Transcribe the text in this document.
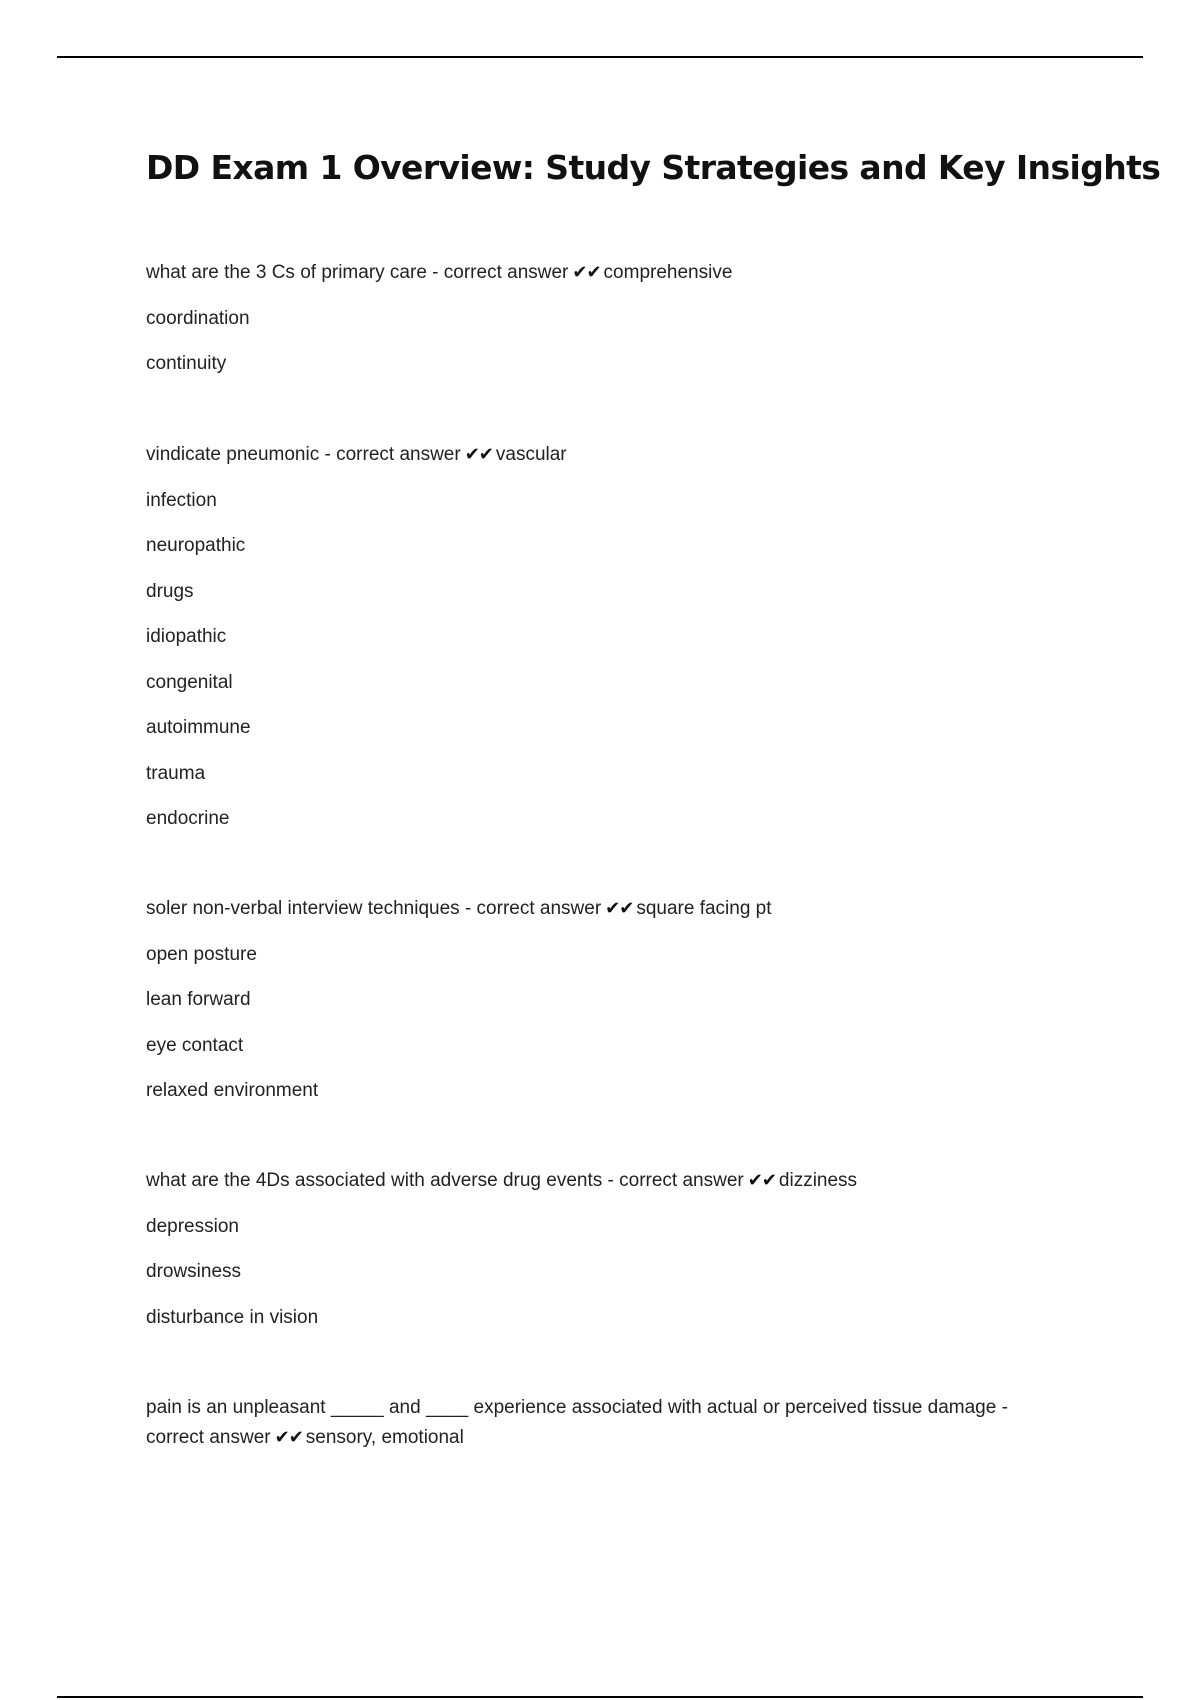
DD Exam 1 Overview: Study Strategies and Key Insights
what are the 3 Cs of primary care - correct answer ✔✔ comprehensive
coordination
continuity
vindicate pneumonic - correct answer ✔✔ vascular
infection
neuropathic
drugs
idiopathic
congenital
autoimmune
trauma
endocrine
soler non-verbal interview techniques - correct answer ✔✔ square facing pt
open posture
lean forward
eye contact
relaxed environment
what are the 4Ds associated with adverse drug events - correct answer ✔✔ dizziness
depression
drowsiness
disturbance in vision
pain is an unpleasant _____ and ____ experience associated with actual or perceived tissue damage -
correct answer ✔✔ sensory, emotional
